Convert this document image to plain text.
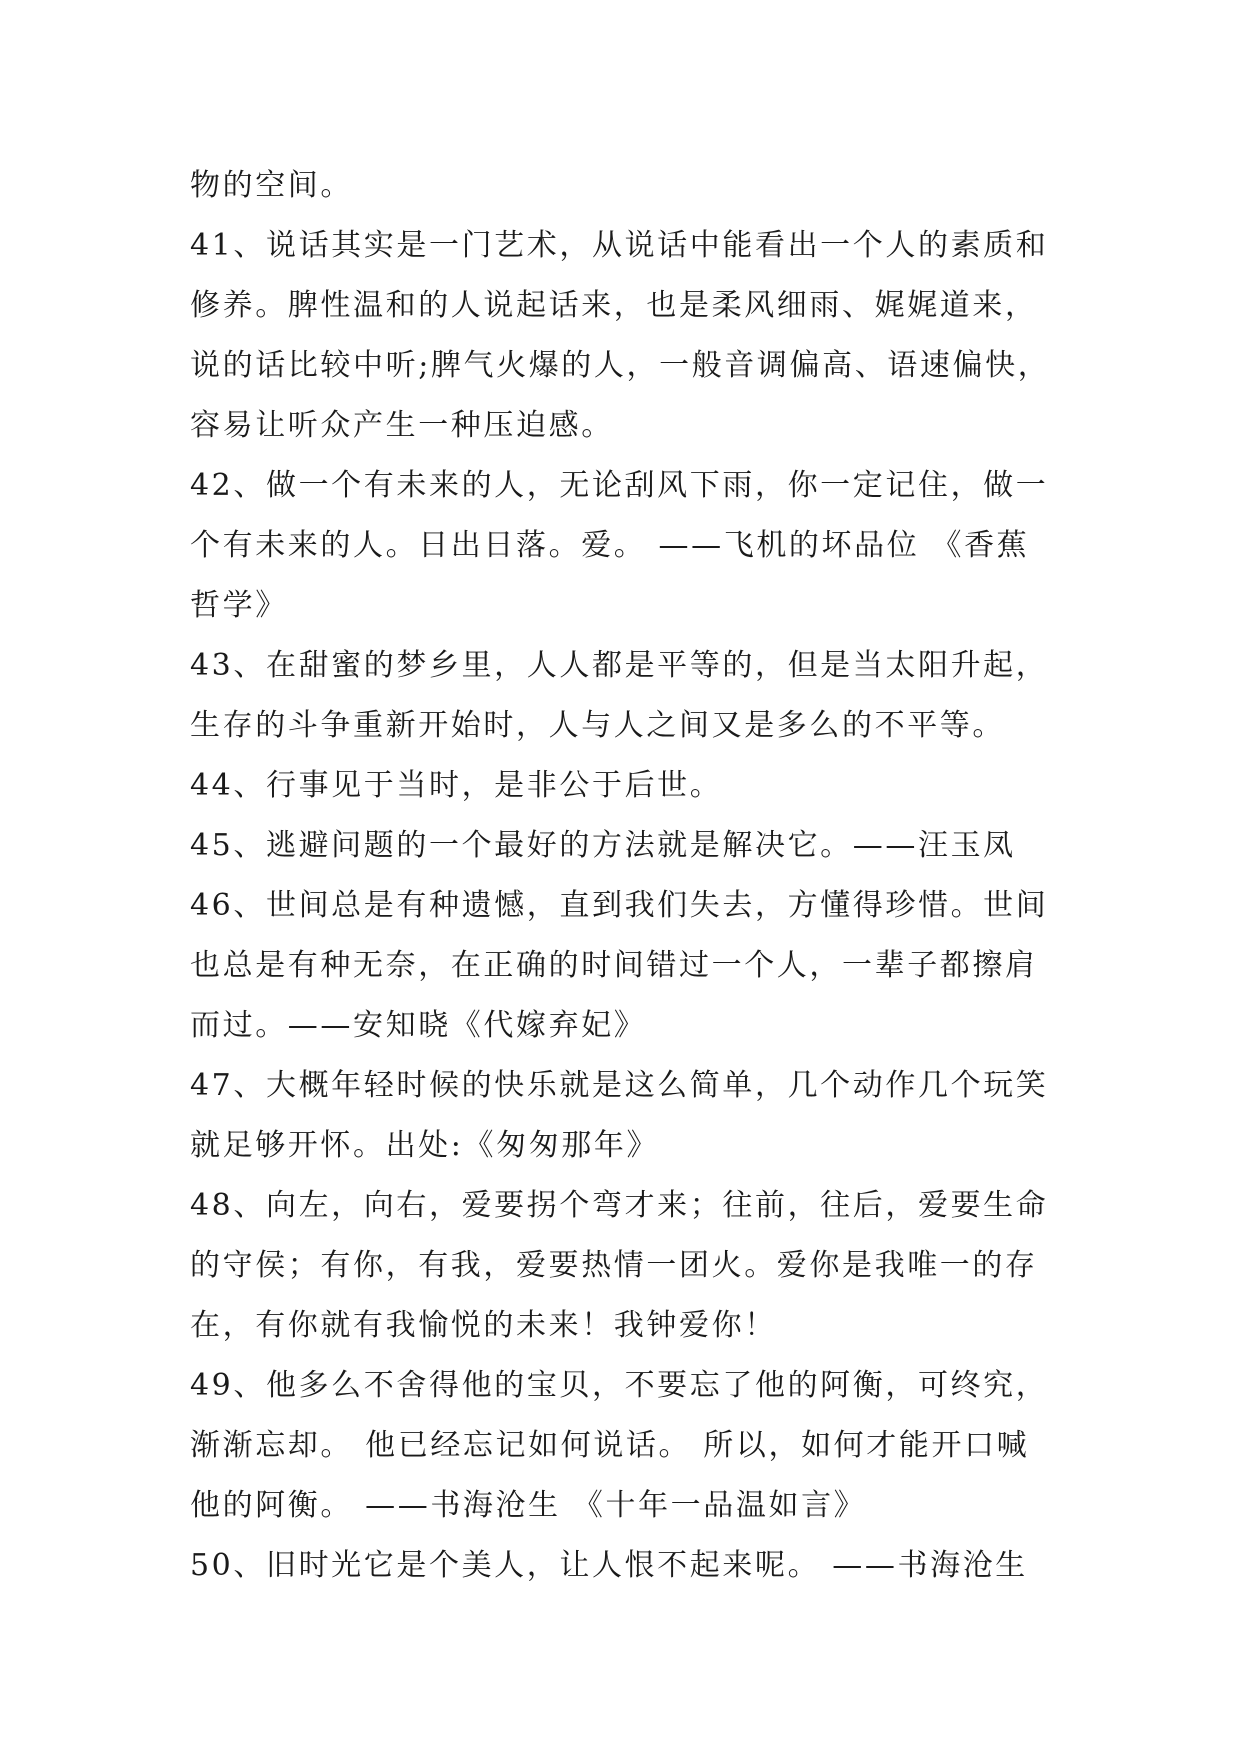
物的空间。
41、说话其实是一门艺术，从说话中能看出一个人的素质和
修养。脾性温和的人说起话来，也是柔风细雨、娓娓道来，
说的话比较中听;脾气火爆的人，一般音调偏高、语速偏快，
容易让听众产生一种压迫感。
42、做一个有未来的人，无论刮风下雨，你一定记住，做一
个有未来的人。日出日落。爱。 ——飞机的坏品位 《香蕉
哲学》
43、在甜蜜的梦乡里，人人都是平等的，但是当太阳升起，
生存的斗争重新开始时，人与人之间又是多么的不平等。
44、行事见于当时，是非公于后世。
45、逃避问题的一个最好的方法就是解决它。——汪玉凤
46、世间总是有种遗憾，直到我们失去，方懂得珍惜。世间
也总是有种无奈，在正确的时间错过一个人，一辈子都擦肩
而过。——安知晓《代嫁弃妃》
47、大概年轻时候的快乐就是这么简单，几个动作几个玩笑
就足够开怀。出处:《匆匆那年》
48、向左，向右，爱要拐个弯才来；往前，往后，爱要生命
的守侯；有你，有我，爱要热情一团火。爱你是我唯一的存
在，有你就有我愉悦的未来！我钟爱你！
49、他多么不舍得他的宝贝，不要忘了他的阿衡，可终究，
渐渐忘却。 他已经忘记如何说话。 所以，如何才能开口喊
他的阿衡。 ——书海沧生 《十年一品温如言》
50、旧时光它是个美人，让人恨不起来呢。 ——书海沧生
